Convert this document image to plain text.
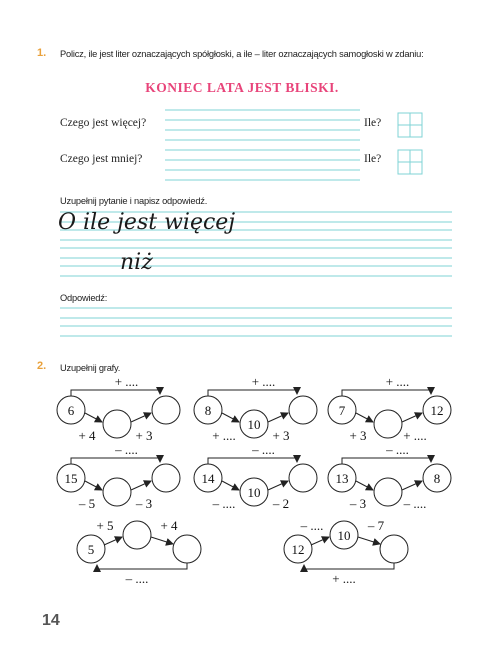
1. Policz, ile jest liter oznaczających spółgłoski, a ile – liter oznaczających samogłoski w zdaniu:
KONIEC LATA JEST BLISKI.
Czego jest więcej?	Ile?
Czego jest mniej?	Ile?
Uzupełnij pytanie i napisz odpowiedź.
O ile jest więcej
niż
Odpowiedź:
2. Uzupełnij grafy.
+ ....
6
+ 4	+ 3
+ ....
8
10
+ ....	+ 3
+ ....
7	12
+ 3	+ ....
– ....
15
– 5	– 3
– ....
14
10
– ....	– 2
– ....
13	8
– 3	– ....
+ 5	+ 4
– ....
5
– ....	– 7
+ ....
12
10
14
